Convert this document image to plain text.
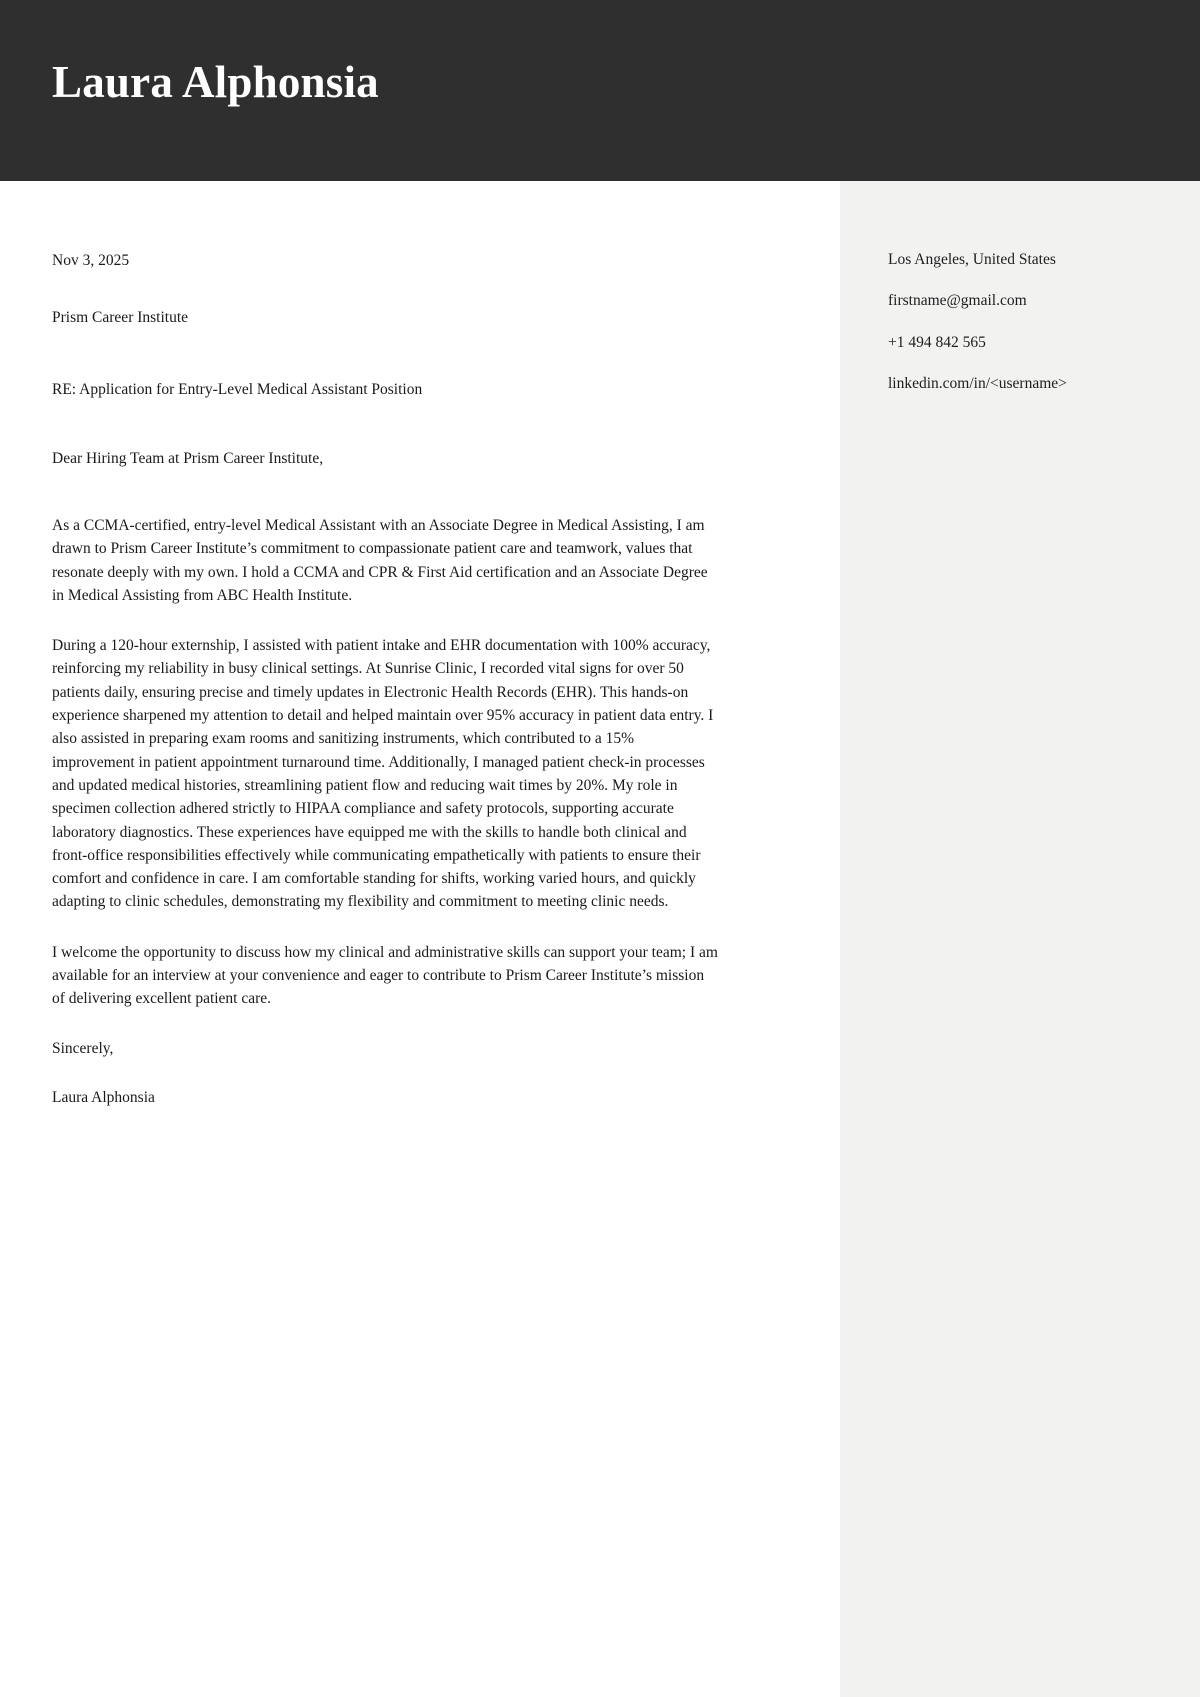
Laura Alphonsia
Los Angeles, United States
firstname@gmail.com
+1 494 842 565
linkedin.com/in/<username>
Nov 3, 2025
Prism Career Institute
RE: Application for Entry-Level Medical Assistant Position
Dear Hiring Team at Prism Career Institute,

As a CCMA-certified, entry-level Medical Assistant with an Associate Degree in Medical Assisting, I am drawn to Prism Career Institute’s commitment to compassionate patient care and teamwork, values that resonate deeply with my own. I hold a CCMA and CPR & First Aid certification and an Associate Degree in Medical Assisting from ABC Health Institute.

During a 120-hour externship, I assisted with patient intake and EHR documentation with 100% accuracy, reinforcing my reliability in busy clinical settings. At Sunrise Clinic, I recorded vital signs for over 50 patients daily, ensuring precise and timely updates in Electronic Health Records (EHR). This hands-on experience sharpened my attention to detail and helped maintain over 95% accuracy in patient data entry. I also assisted in preparing exam rooms and sanitizing instruments, which contributed to a 15% improvement in patient appointment turnaround time. Additionally, I managed patient check-in processes and updated medical histories, streamlining patient flow and reducing wait times by 20%. My role in specimen collection adhered strictly to HIPAA compliance and safety protocols, supporting accurate laboratory diagnostics. These experiences have equipped me with the skills to handle both clinical and front-office responsibilities effectively while communicating empathetically with patients to ensure their comfort and confidence in care. I am comfortable standing for shifts, working varied hours, and quickly adapting to clinic schedules, demonstrating my flexibility and commitment to meeting clinic needs.

I welcome the opportunity to discuss how my clinical and administrative skills can support your team; I am available for an interview at your convenience and eager to contribute to Prism Career Institute’s mission of delivering excellent patient care.

Sincerely,
Laura Alphonsia
